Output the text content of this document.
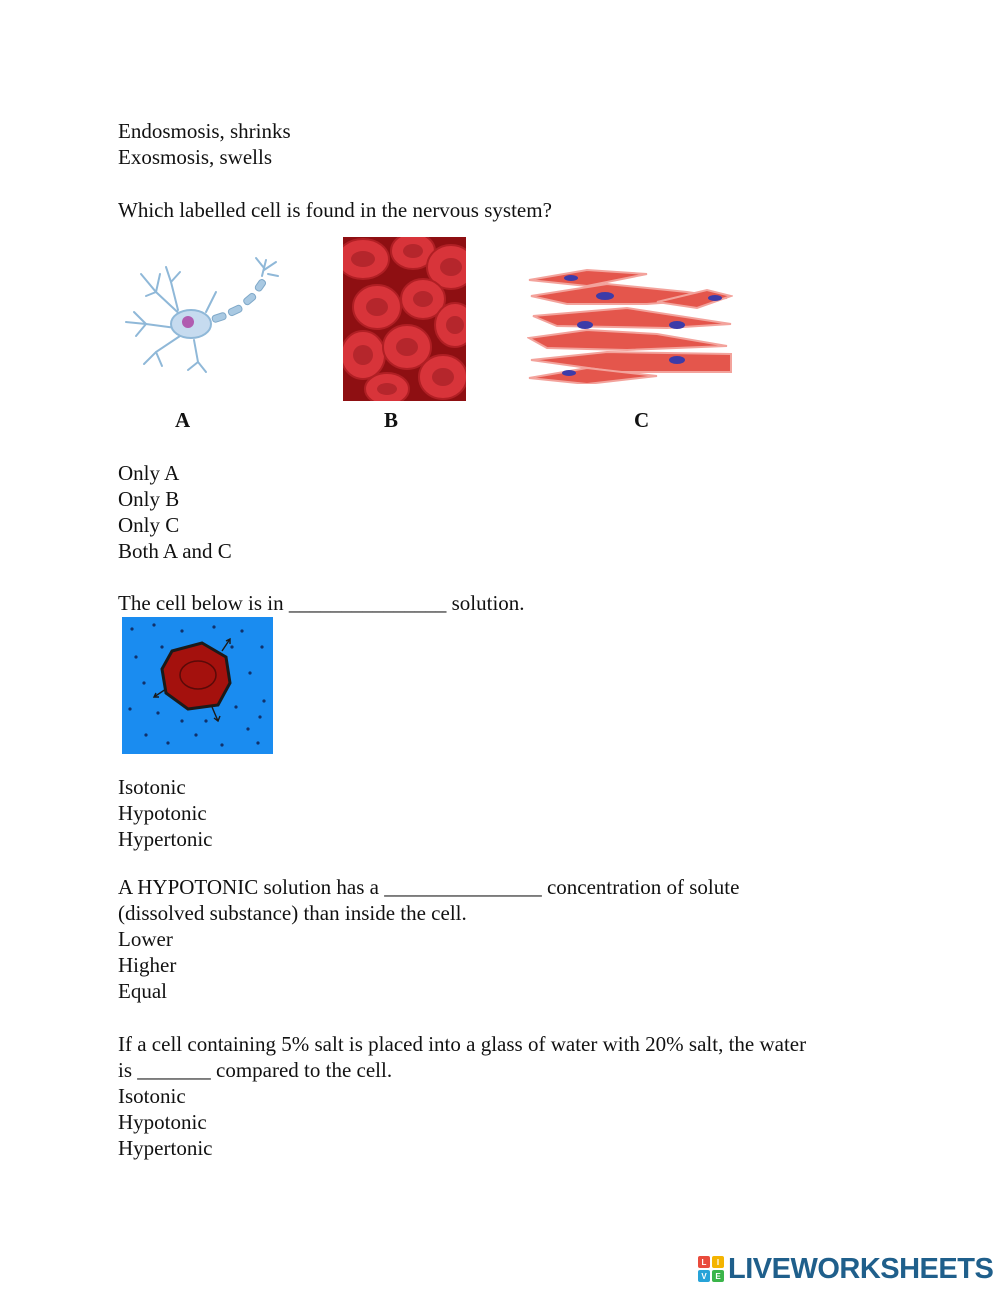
Endosmosis, shrinks
Exosmosis, swells
Which labelled cell is found in the nervous system?
A	B	C
Only A
Only B
Only C
Both A and C
The cell below is in _______________ solution.
Isotonic
Hypotonic
Hypertonic
A HYPOTONIC solution has a _______________ concentration of solute
(dissolved substance) than inside the cell.
Lower
Higher
Equal
If a cell containing 5% salt is placed into a glass of water with 20% salt, the water
is _______ compared to the cell.
Isotonic
Hypotonic
Hypertonic
L	I
V	E LIVEWORKSHEETS
